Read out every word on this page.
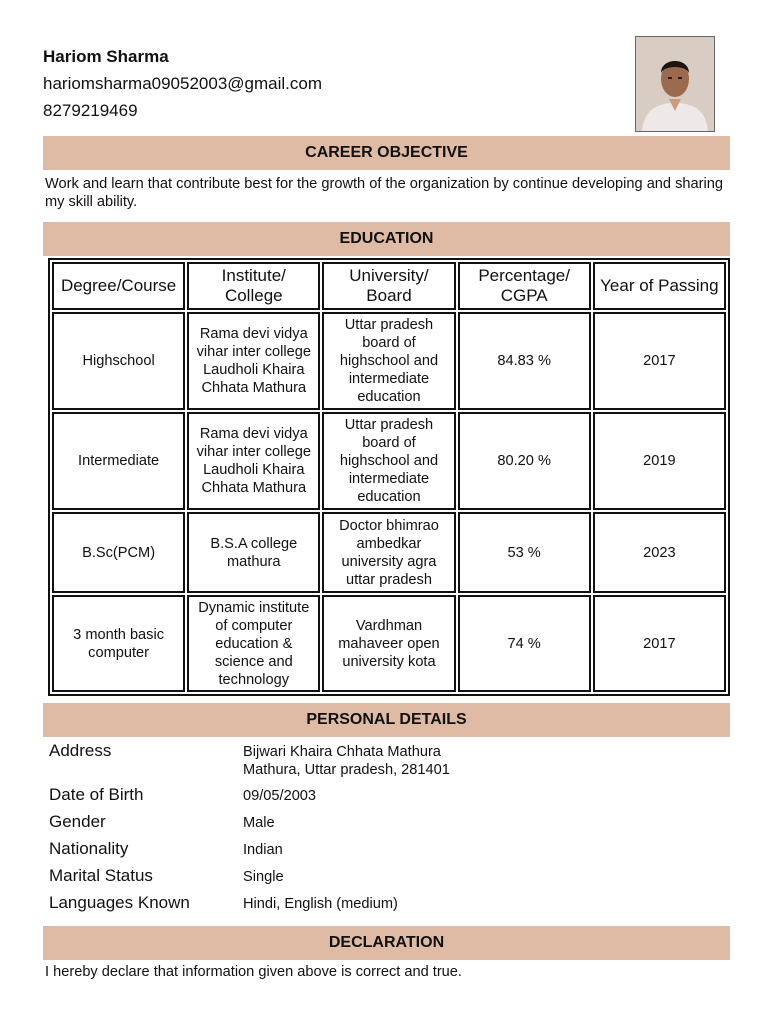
Hariom Sharma
hariomsharma09052003@gmail.com
8279219469
CAREER OBJECTIVE
Work and learn that contribute best for the growth of the organization by continue developing and sharing my skill ability.
EDUCATION
Degree/Course	Institute/ College	University/ Board	Percentage/ CGPA	Year of Passing
Highschool	Rama devi vidya vihar inter college Laudholi Khaira Chhata Mathura	Uttar pradesh board of highschool and intermediate education	84.83 %	2017
Intermediate	Rama devi vidya vihar inter college Laudholi Khaira Chhata Mathura	Uttar pradesh board of highschool and intermediate education	80.20 %	2019
B.Sc(PCM)	B.S.A college mathura	Doctor bhimrao ambedkar university agra uttar pradesh	53 %	2023
3 month basic computer	Dynamic institute of computer education & science and technology	Vardhman mahaveer open university kota	74 %	2017
PERSONAL DETAILS
Address	Bijwari Khaira Chhata Mathura
Mathura, Uttar pradesh, 281401
Date of Birth	09/05/2003
Gender	Male
Nationality	Indian
Marital Status	Single
Languages Known	Hindi, English (medium)
DECLARATION
I hereby declare that information given above is correct and true.
